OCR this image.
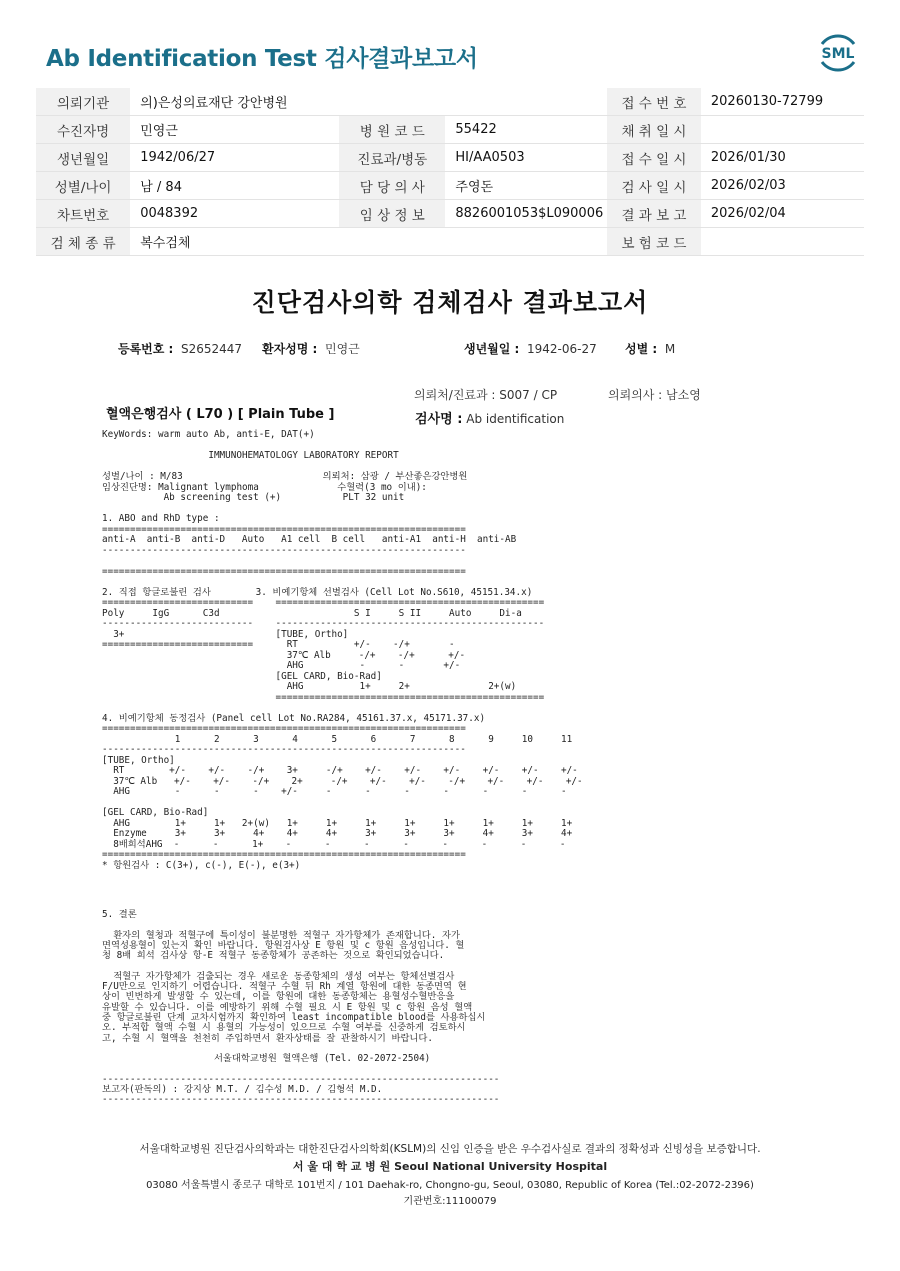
Ab Identification Test 검사결과보고서	SML
의뢰기관	의)은성의료재단 강안병원			접 수 번 호	20260130-72799
수진자명	민영근	병 원 코 드	55422	채 취 일 시	
생년월일	1942/06/27	진료과/병동	HI/AA0503	접 수 일 시	2026/01/30
성별/나이	남 / 84	담 당 의 사	주영돈	검 사 일 시	2026/02/03
차트번호	0048392	임 상 정 보	8826001053$L090006	결 과 보 고	2026/02/04
검 체 종 류	복수검체			보 험 코 드	
진단검사의학 검체검사 결과보고서
등록번호 : S2652447 환자성명 : 민영근	생년월일 : 1942-06-27 성별 : M
의뢰처/진료과 : S007 / CP	의뢰의사 : 남소영
혈액은행검사 ( L70 ) [ Plain Tube ]	검사명 : Ab identification
KeyWords: warm auto Ab, anti-E, DAT(+)

IMMUNOHEMATOLOGY LABORATORY REPORT

성별/나이 : M/83                         의뢰처: 삼광 / 부산좋은강안병원
임상진단명: Malignant lymphoma              수혈력(3 mo 이내):
Ab screening test (+)           PLT 32 unit

1. ABO and RhD type :
=================================================================
anti-A  anti-B  anti-D   Auto   A1 cell  B cell   anti-A1  anti-H  anti-AB
-----------------------------------------------------------------

=================================================================

2. 직접 항글로불린 검사        3. 비예기항체 선별검사 (Cell Lot No.S610, 45151.34.x)
===========================    ================================================
Poly     IgG      C3d                        S I     S II     Auto     Di-a
---------------------------    ------------------------------------------------
3+                           [TUBE, Ortho]
===========================      RT          +/-    -/+       -
37℃ Alb     -/+    -/+      +/-
AHG          -      -       +/-
[GEL CARD, Bio-Rad]
AHG          1+     2+              2+(w)
================================================

4. 비예기항체 동정검사 (Panel cell Lot No.RA284, 45161.37.x, 45171.37.x)
=================================================================
1      2      3      4      5      6      7      8      9     10     11
-----------------------------------------------------------------
[TUBE, Ortho]
RT        +/-    +/-    -/+    3+     -/+    +/-    +/-    +/-    +/-    +/-    +/-
37℃ Alb   +/-    +/-    -/+    2+     -/+    +/-    +/-    -/+    +/-    +/-    +/-
AHG        -      -      -    +/-     -      -      -      -      -      -      -

[GEL CARD, Bio-Rad]
AHG        1+     1+   2+(w)   1+     1+     1+     1+     1+     1+     1+     1+
Enzyme     3+     3+     4+    4+     4+     3+     3+     3+     4+     3+     4+
8배희석AHG  -      -      1+    -      -      -      -      -      -      -      -
=================================================================
* 항원검사 : C(3+), c(-), E(-), e(3+)
5. 결론

환자의 혈청과 적혈구에 특이성이 불분명한 적혈구 자가항체가 존재합니다. 자가
면역성용혈이 있는지 확인 바랍니다. 항원검사상 E 항원 및 c 항원 음성입니다. 혈
청 8배 희석 검사상 항-E 적혈구 동종항체가 공존하는 것으로 확인되었습니다.

적혈구 자가항체가 검출되는 경우 새로운 동종항체의 생성 여부는 항체선별검사
F/U만으로 인지하기 어렵습니다. 적혈구 수혈 뒤 Rh 계열 항원에 대한 동종면역 현
상이 빈번하게 발생할 수 있는데, 이를 항원에 대한 동종항체는 용혈성수혈반응을
유발할 수 있습니다. 이를 예방하기 위해 수혈 필요 시 E 항원 및 c 항원 음성 혈액
중 항글로불린 단계 교차시험까지 확인하여 least incompatible blood를 사용하십시
오. 부적합 혈액 수혈 시 용혈의 가능성이 있으므로 수혈 여부를 신중하게 검토하시
고, 수혈 시 혈액을 천천히 주입하면서 환자상태를 잘 관찰하시기 바랍니다.

서울대학교병원 혈액은행 (Tel. 02-2072-2504)

-----------------------------------------------------------------------
보고자(판독의) : 강지상 M.T. / 김수성 M.D. / 김형석 M.D.
-----------------------------------------------------------------------
서울대학교병원 진단검사의학과는 대한진단검사의학회(KSLM)의 신임 인증을 받은 우수검사실로 결과의 정확성과 신빙성을 보증합니다.
서 울 대 학 교 병 원 Seoul National University Hospital
03080 서울특별시 종로구 대학로 101번지 / 101 Daehak-ro, Chongno-gu, Seoul, 03080, Republic of Korea (Tel.:02-2072-2396)
기관번호:11100079
